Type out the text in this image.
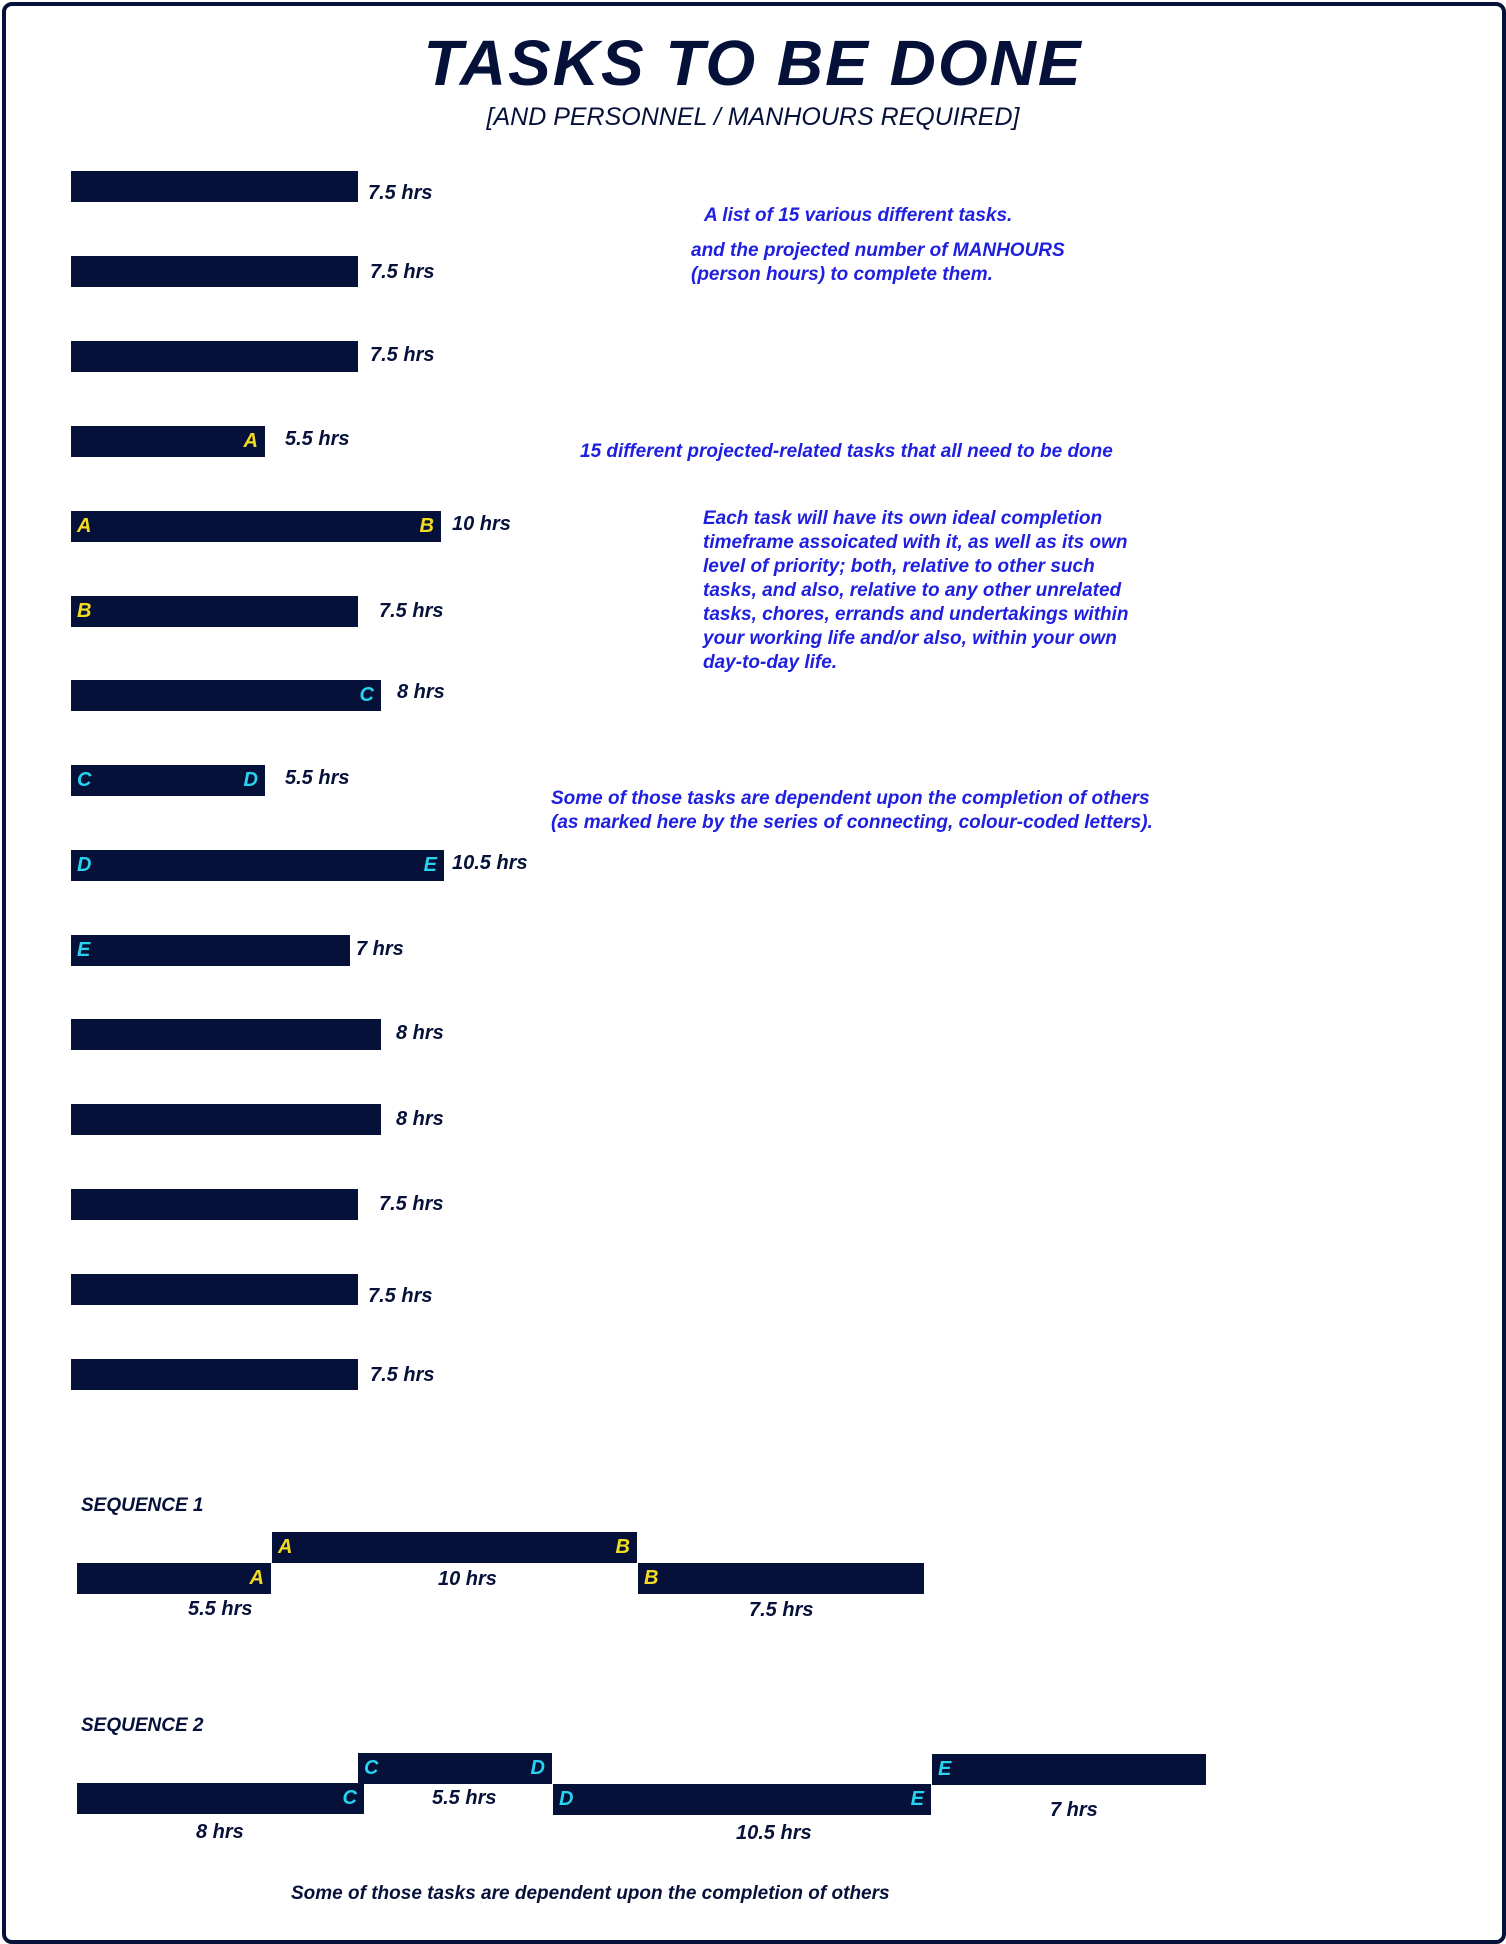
TASKS TO BE DONE
[AND PERSONNEL / MANHOURS REQUIRED]
7.5 hrs
7.5 hrs
7.5 hrs
A 5.5 hrs
A	B 10 hrs
B	7.5 hrs
C 8 hrs
C	D 5.5 hrs
D	E 10.5 hrs
E	7 hrs
8 hrs
8 hrs
7.5 hrs
7.5 hrs
7.5 hrs
A list of 15 various different tasks.
and the projected number of MANHOURS
(person hours) to complete them.
15 different projected-related tasks that all need to be done
Each task will have its own ideal completion
timeframe assoicated with it, as well as its own
level of priority; both, relative to other such
tasks, and also, relative to any other unrelated
tasks, chores, errands and undertakings within
your working life and/or also, within your own
day-to-day life.
Some of those tasks are dependent upon the completion of others
(as marked here by the series of connecting, colour-coded letters).
SEQUENCE 1
A
5.5 hrs
A	B
10 hrs	B
7.5 hrs
SEQUENCE 2
C
8 hrs
C	D
5.5 hrs	D	E
10.5 hrs
E
7 hrs
Some of those tasks are dependent upon the completion of others
